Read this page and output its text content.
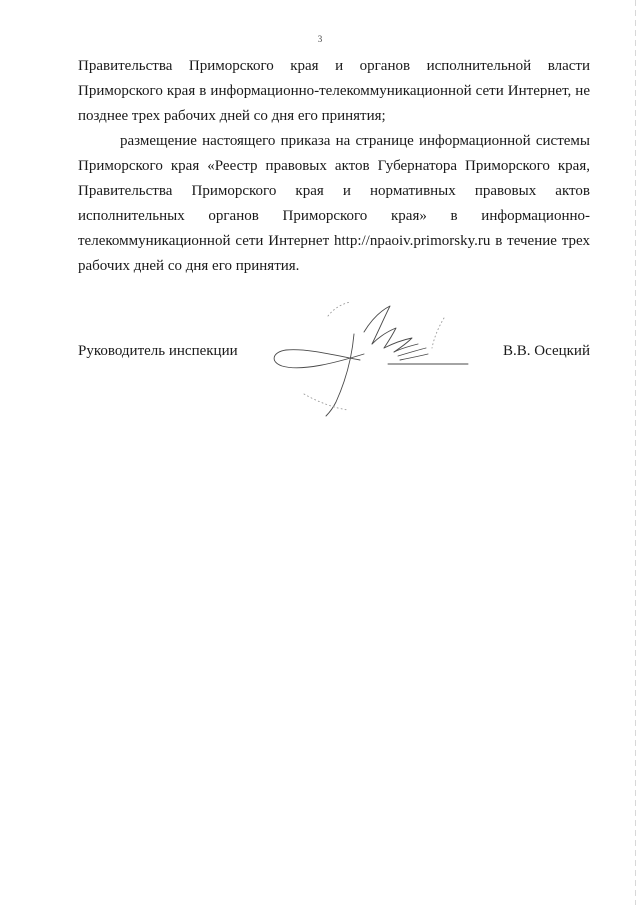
3

Правительства Приморского края и органов исполнительной власти Приморского края в информационно-телекоммуникационной сети Интернет, не позднее трех рабочих дней со дня его принятия;

размещение настоящего приказа на странице информационной системы Приморского края «Реестр правовых актов Губернатора Приморского края, Правительства Приморского края и нормативных правовых актов исполнительных органов Приморского края» в информационно-телекоммуникационной сети Интернет http://npaoiv.primorsky.ru в течение трех рабочих дней со дня его принятия.

Руководитель инспекции	В.В. Осецкий
